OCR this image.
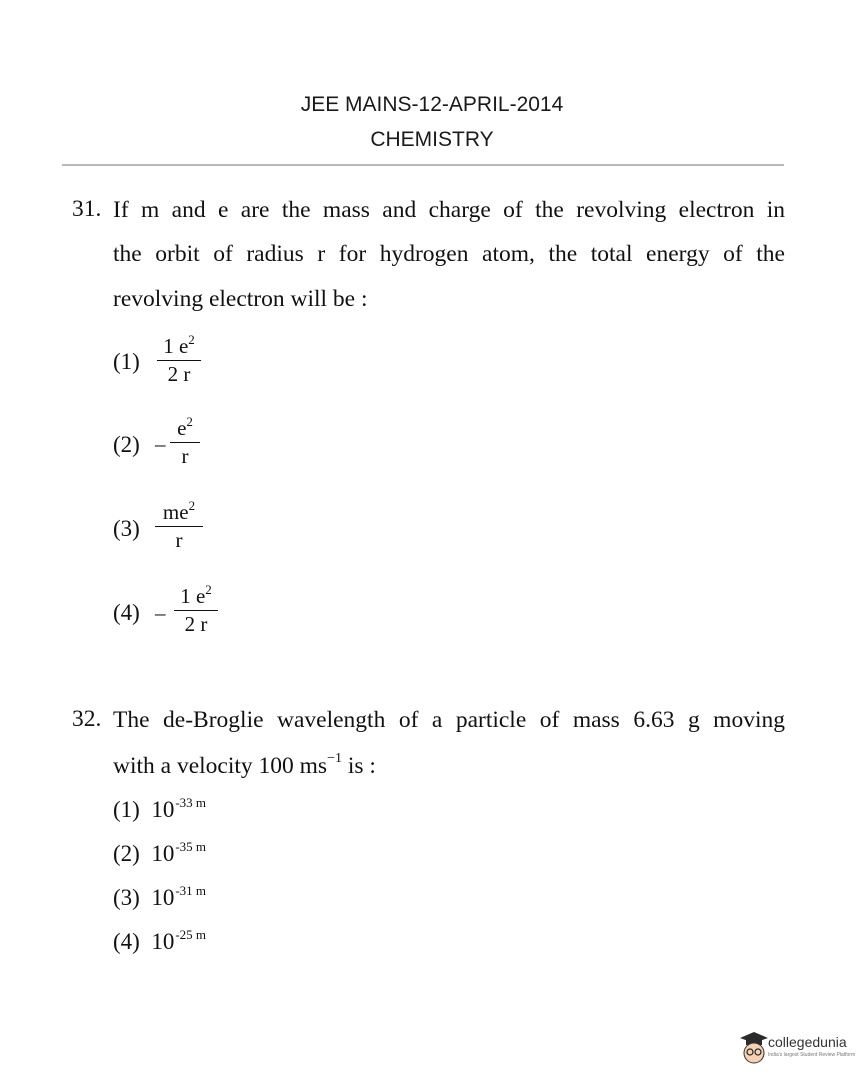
JEE MAINS-12-APRIL-2014
CHEMISTRY
31. If m and e are the mass and charge of the revolving electron in
the orbit of radius r for hydrogen atom, the total energy of the
revolving electron will be :
(1)
1 $e^2$
2 r
(2) –
$e^2$
r
(3)
$me^2$
r
(4) –
1 $e^2$
2 r
32. The de-Broglie wavelength of a particle of mass 6.63 g moving
with a velocity 100 $ms^{-1}$ is :
(1) $10^{-33 m}$
(2) $10^{-35 m}$
(3) $10^{-31 m}$
(4) $10^{-25 m}$
collegedunia
India's largest Student Review Platform
